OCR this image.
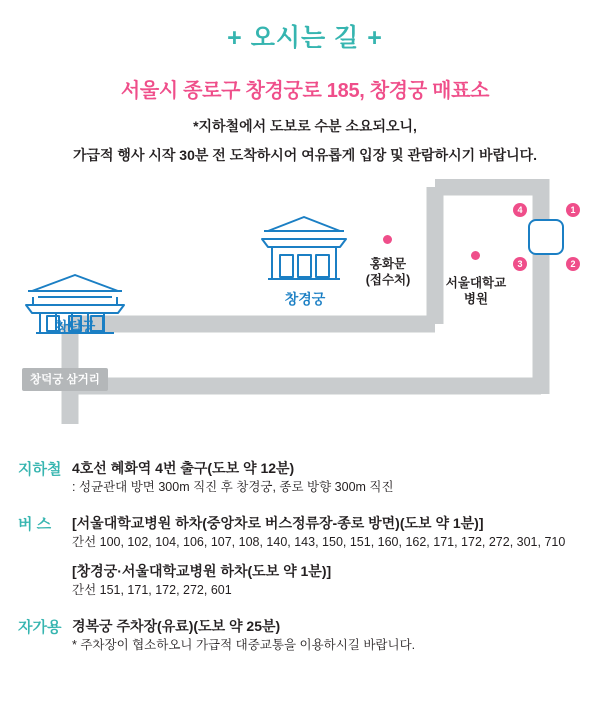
+ 오시는 길 +
서울시 종로구 창경궁로 185, 창경궁 매표소
*지하철에서 도보로 수분 소요되오니,
가급적 행사 시작 30분 전 도착하시어 여유롭게 입장 및 관람하시기 바랍니다.
창덕궁
창경궁
홍화문
(접수처)	서울대학교
병원
창덕궁 삼거리
4	1
3	2
지하철 4호선 혜화역 4번 출구(도보 약 12분)
: 성균관대 방면 300m 직진 후 창경궁, 종로 방향 300m 직진
버 스	[서울대학교병원 하차(중앙차로 버스정류장-종로 방면)(도보 약 1분)]
간선 100, 102, 104, 106, 107, 108, 140, 143, 150, 151, 160, 162, 171, 172, 272, 301, 710
[창경궁·서울대학교병원 하차(도보 약 1분)]
간선 151, 171, 172, 272, 601
자가용 경복궁 주차장(유료)(도보 약 25분)
* 주차장이 협소하오니 가급적 대중교통을 이용하시길 바랍니다.
